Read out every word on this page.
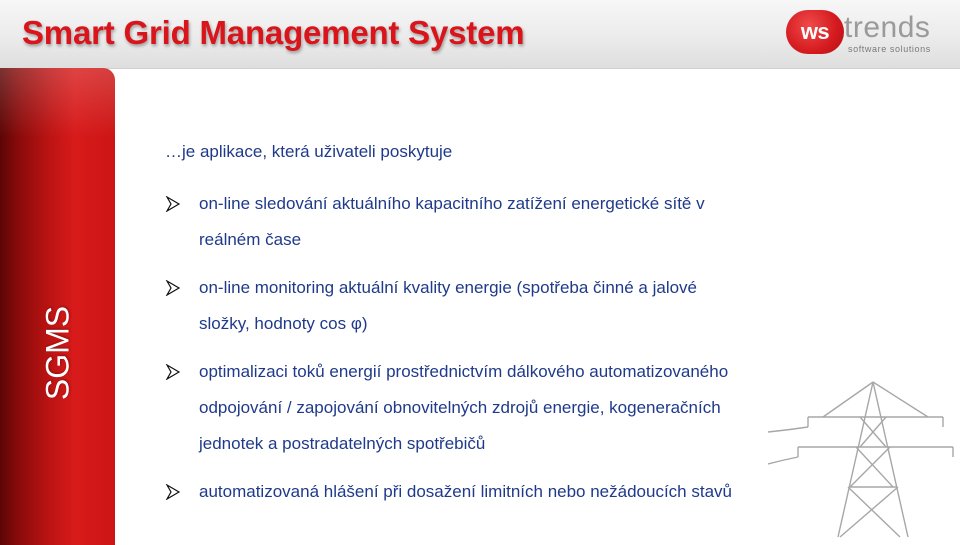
Smart Grid Management System	ws trends
software solutions
SGMS
…je aplikace, která uživateli poskytuje
on-line sledování aktuálního kapacitního zatížení energetické sítě v
reálném čase
on-line monitoring aktuální kvality energie (spotřeba činné a jalové
složky, hodnoty cos φ)
optimalizaci toků energií prostřednictvím dálkového automatizovaného
odpojování / zapojování obnovitelných zdrojů energie, kogeneračních
jednotek a postradatelných spotřebičů
automatizovaná hlášení při dosažení limitních nebo nežádoucích stavů
